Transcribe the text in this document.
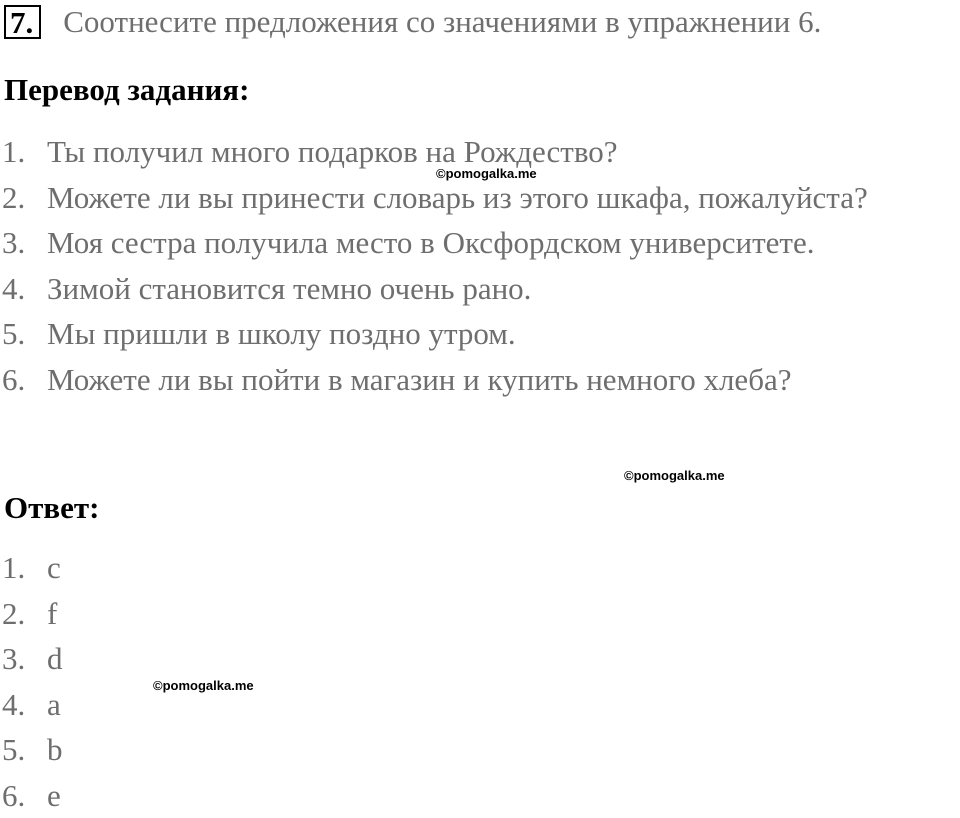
7. Соотнесите предложения со значениями в упражнении 6.
Перевод задания:
1. Ты получил много подарков на Рождество?
2. Можете ли вы принести словарь из этого шкафа, пожалуйста?
3. Моя сестра получила место в Оксфордском университете.
4. Зимой становится темно очень рано.
5. Мы пришли в школу поздно утром.
6. Можете ли вы пойти в магазин и купить немного хлеба?
Ответ:
1. c
2. f
3. d
4. a
5. b
6. e
©pomogalka.me
©pomogalka.me
©pomogalka.me
